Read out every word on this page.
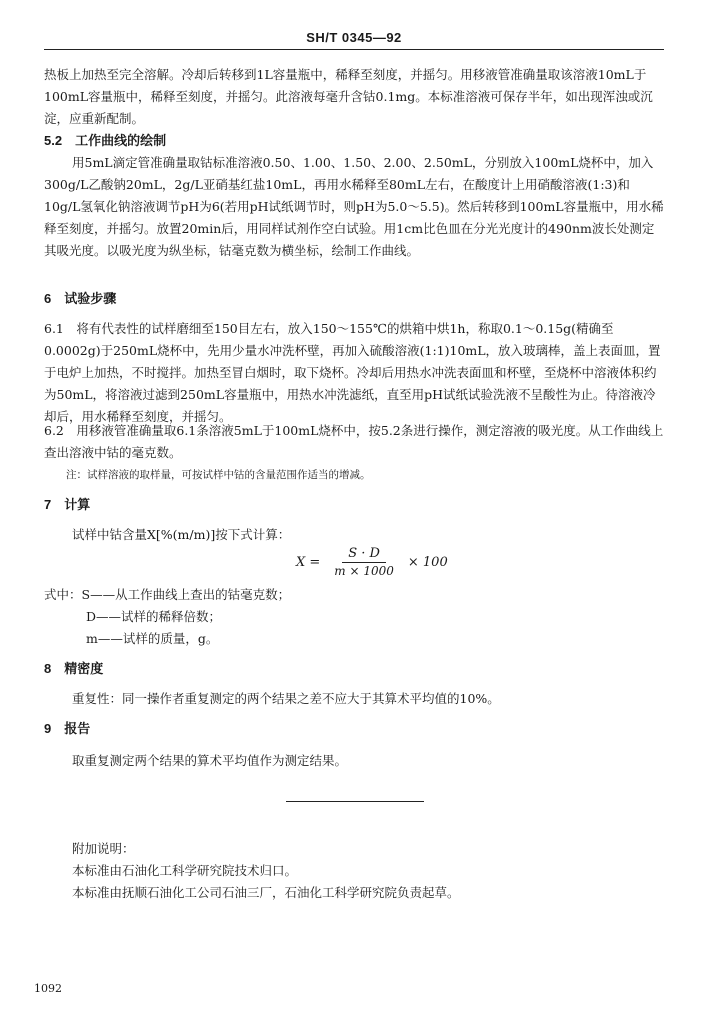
SH/T 0345—92
热板上加热至完全溶解。冷却后转移到1L容量瓶中，稀释至刻度，并摇匀。用移液管准确量取该溶液10mL于100mL容量瓶中，稀释至刻度，并摇匀。此溶液每毫升含钴0.1mg。本标准溶液可保存半年，如出现浑浊或沉淀，应重新配制。
5.2　工作曲线的绘制
用5mL滴定管准确量取钴标准溶液0.50、1.00、1.50、2.00、2.50mL，分别放入100mL烧杯中，加入300g/L乙酸钠20mL，2g/L亚硝基红盐10mL，再用水稀释至80mL左右，在酸度计上用硝酸溶液(1:3)和10g/L氢氧化钠溶液调节pH为6(若用pH试纸调节时，则pH为5.0～5.5)。然后转移到100mL容量瓶中，用水稀释至刻度，并摇匀。放置20min后，用同样试剂作空白试验。用1cm比色皿在分光光度计的490nm波长处测定其吸光度。以吸光度为纵坐标，钴毫克数为横坐标，绘制工作曲线。
6　试验步骤
6.1　将有代表性的试样磨细至150目左右，放入150～155℃的烘箱中烘1h，称取0.1～0.15g(精确至0.0002g)于250mL烧杯中，先用少量水冲洗杯壁，再加入硫酸溶液(1:1)10mL，放入玻璃棒，盖上表面皿，置于电炉上加热，不时搅拌。加热至冒白烟时，取下烧杯。冷却后用热水冲洗表面皿和杯壁，至烧杯中溶液体积约为50mL，将溶液过滤到250mL容量瓶中，用热水冲洗滤纸，直至用pH试纸试验洗液不呈酸性为止。待溶液冷却后，用水稀释至刻度，并摇匀。
6.2　用移液管准确量取6.1条溶液5mL于100mL烧杯中，按5.2条进行操作，测定溶液的吸光度。从工作曲线上查出溶液中钴的毫克数。
注：试样溶液的取样量，可按试样中钴的含量范围作适当的增减。
7　计算
试样中钴含量X[%(m/m)]按下式计算：
$X = \frac{S \cdot D}{m \times 1000} \times 100$
式中：S——从工作曲线上查出的钴毫克数；
D——试样的稀释倍数；
m——试样的质量，g。
8　精密度
重复性：同一操作者重复测定的两个结果之差不应大于其算术平均值的10%。
9　报告
取重复测定两个结果的算术平均值作为测定结果。
附加说明：
本标准由石油化工科学研究院技术归口。
本标准由抚顺石油化工公司石油三厂，石油化工科学研究院负责起草。
1092
